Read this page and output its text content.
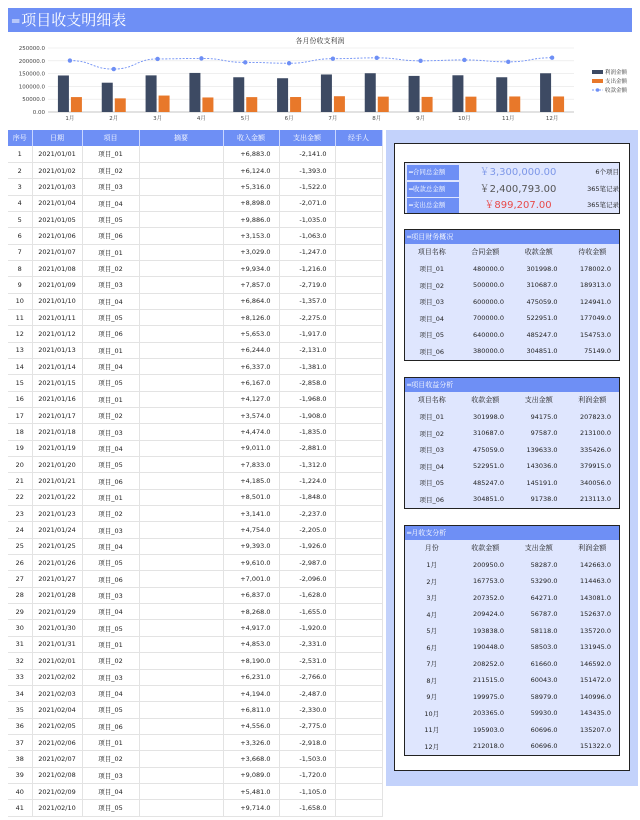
═ 项目收支明细表
各月份收支利润
0.00
50000.0
100000.0
150000.0
200000.0
250000.0
1月	2月	3月	4月	5月	6月	7月	8月	9月	10月	11月	12月
利润金额
支出金额
收款金额
序号	日期	项目	摘要	收入金额	支出金额	经手人
1	2021/01/01	项目_01		+6,883.0	-2,141.0	
2	2021/01/02	项目_02		+6,124.0	-1,393.0	
3	2021/01/03	项目_03		+5,316.0	-1,522.0	
4	2021/01/04	项目_04		+8,898.0	-2,071.0	
5	2021/01/05	项目_05		+9,886.0	-1,035.0	
6	2021/01/06	项目_06		+3,153.0	-1,063.0	
7	2021/01/07	项目_01		+3,029.0	-1,247.0	
8	2021/01/08	项目_02		+9,934.0	-1,216.0	
9	2021/01/09	项目_03		+7,857.0	-2,719.0	
10	2021/01/10	项目_04		+6,864.0	-1,357.0	
11	2021/01/11	项目_05		+8,126.0	-2,275.0	
12	2021/01/12	项目_06		+5,653.0	-1,917.0	
13	2021/01/13	项目_01		+6,244.0	-2,131.0	
14	2021/01/14	项目_04		+6,337.0	-1,381.0	
15	2021/01/15	项目_05		+6,167.0	-2,858.0	
16	2021/01/16	项目_01		+4,127.0	-1,968.0	
17	2021/01/17	项目_02		+3,574.0	-1,908.0	
18	2021/01/18	项目_03		+4,474.0	-1,835.0	
19	2021/01/19	项目_04		+9,011.0	-2,881.0	
20	2021/01/20	项目_05		+7,833.0	-1,312.0	
21	2021/01/21	项目_06		+4,185.0	-1,224.0	
22	2021/01/22	项目_01		+8,501.0	-1,848.0	
23	2021/01/23	项目_02		+3,141.0	-2,237.0	
24	2021/01/24	项目_03		+4,754.0	-2,205.0	
25	2021/01/25	项目_04		+9,393.0	-1,926.0	
26	2021/01/26	项目_05		+9,610.0	-2,987.0	
27	2021/01/27	项目_06		+7,001.0	-2,096.0	
28	2021/01/28	项目_03		+6,837.0	-1,628.0	
29	2021/01/29	项目_04		+8,268.0	-1,655.0	
30	2021/01/30	项目_05		+4,917.0	-1,920.0	
31	2021/01/31	项目_01		+4,853.0	-2,331.0	
32	2021/02/01	项目_02		+8,190.0	-2,531.0	
33	2021/02/02	项目_03		+6,231.0	-2,766.0	
34	2021/02/03	项目_04		+4,194.0	-2,487.0	
35	2021/02/04	项目_05		+6,811.0	-2,330.0	
36	2021/02/05	项目_06		+4,556.0	-2,775.0	
37	2021/02/06	项目_01		+3,326.0	-2,918.0	
38	2021/02/07	项目_02		+3,668.0	-1,503.0	
39	2021/02/08	项目_03		+9,089.0	-1,720.0	
40	2021/02/09	项目_04		+5,481.0	-1,105.0	
41	2021/02/10	项目_05		+9,714.0	-1,658.0	
═合同总金额	￥3,300,000.00	6个项目
═收款总金额	￥2,400,793.00	365笔记录
═支出总金额	￥899,207.00	365笔记录
═项目财务概况
项目名称	合同金额	收款金额	待收金额
项目_01	480000.0	301998.0	178002.0
项目_02	500000.0	310687.0	189313.0
项目_03	600000.0	475059.0	124941.0
项目_04	700000.0	522951.0	177049.0
项目_05	640000.0	485247.0	154753.0
项目_06	380000.0	304851.0	75149.0
═项目收益分析
项目名称	收款金额	支出金额	利润金额
项目_01	301998.0	94175.0	207823.0
项目_02	310687.0	97587.0	213100.0
项目_03	475059.0	139633.0	335426.0
项目_04	522951.0	143036.0	379915.0
项目_05	485247.0	145191.0	340056.0
项目_06	304851.0	91738.0	213113.0
═月收支分析
月份	收款金额	支出金额	利润金额
1月	200950.0	58287.0	142663.0
2月	167753.0	53290.0	114463.0
3月	207352.0	64271.0	143081.0
4月	209424.0	56787.0	152637.0
5月	193838.0	58118.0	135720.0
6月	190448.0	58503.0	131945.0
7月	208252.0	61660.0	146592.0
8月	211515.0	60043.0	151472.0
9月	199975.0	58979.0	140996.0
10月	203365.0	59930.0	143435.0
11月	195903.0	60696.0	135207.0
12月	212018.0	60696.0	151322.0
